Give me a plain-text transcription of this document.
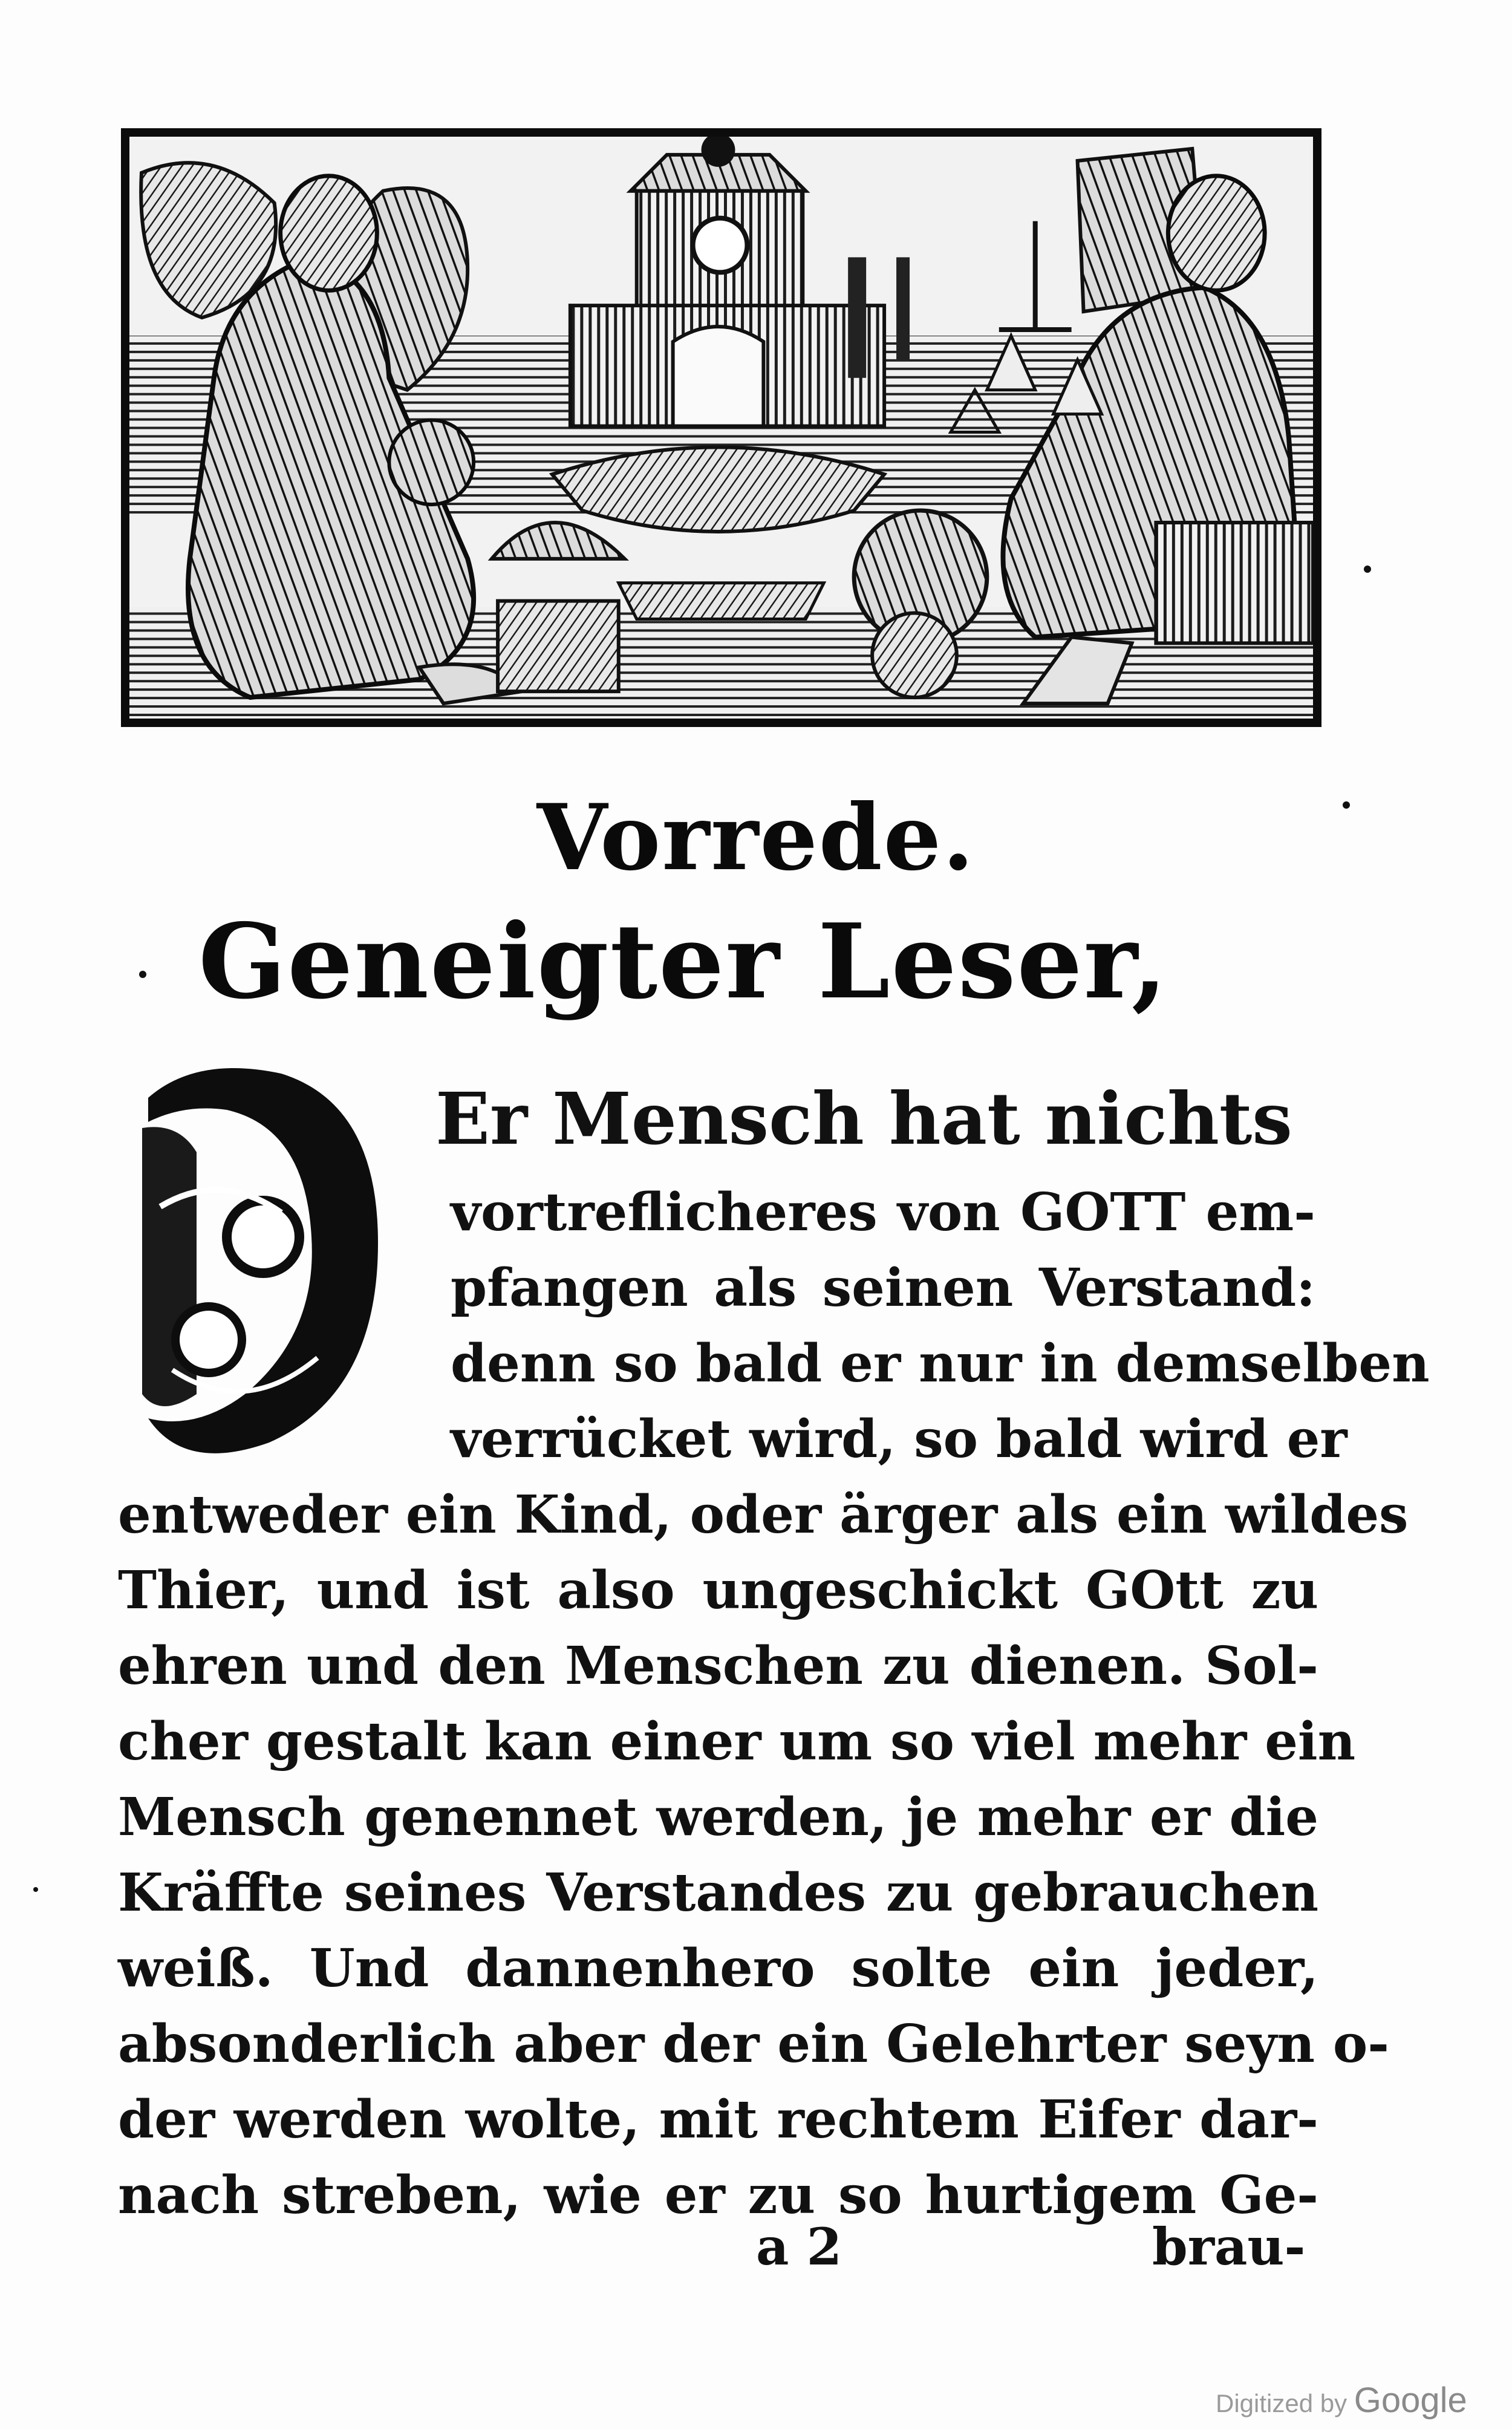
Vorrede.
Geneigter Leser,
Er Mensch hat nichts
vortreflicheres von GOTT em-
pfangen als seinen Verstand:
denn so bald er nur in demselben
verrücket wird, so bald wird er
entweder ein Kind, oder ärger als ein wildes
Thier, und ist also ungeschickt GOtt zu
ehren und den Menschen zu dienen. Sol-
cher gestalt kan einer um so viel mehr ein
Mensch genennet werden, je mehr er die
Kräffte seines Verstandes zu gebrauchen
weiß. Und dannenhero solte ein jeder,
absonderlich aber der ein Gelehrter seyn o-
der werden wolte, mit rechtem Eifer dar-
nach streben, wie er zu so hurtigem Ge-
a 2	brau-
Digitized by Google
